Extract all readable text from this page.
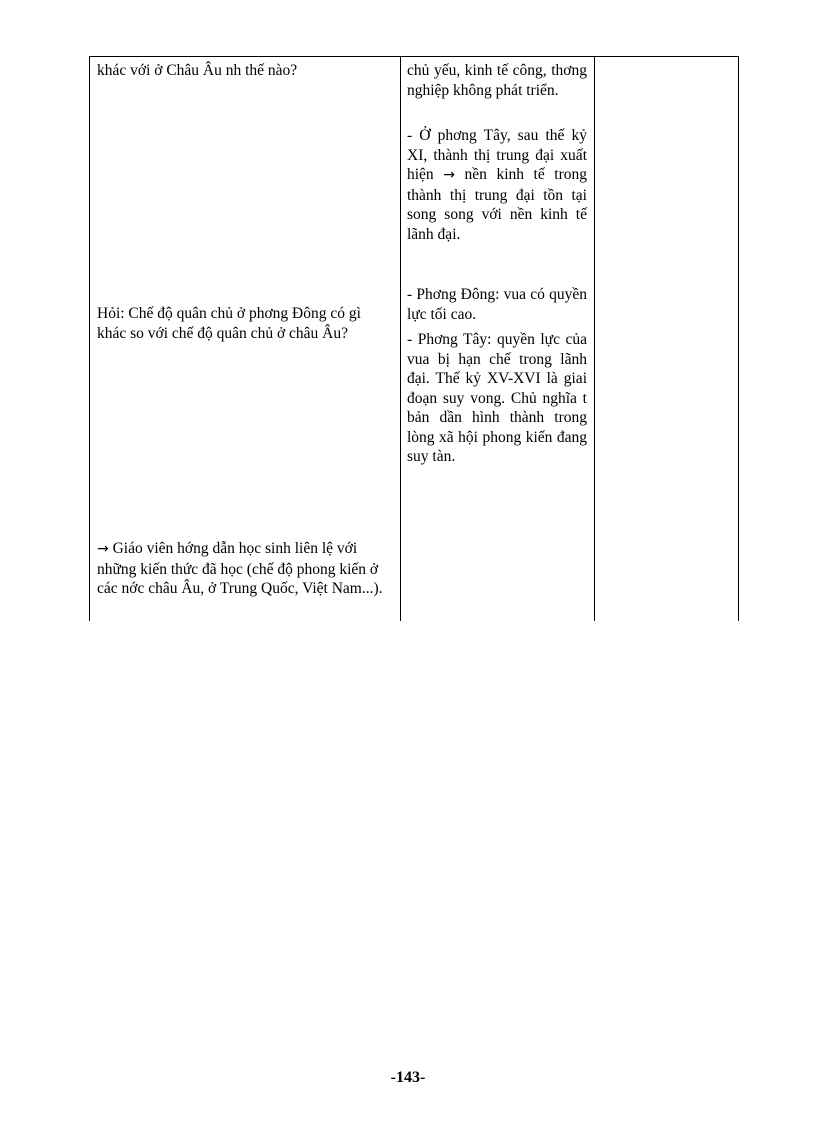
khác với ở Châu Âu nh thế nào?

Hỏi: Chế độ quân chủ ở phơng Đông có gì khác so với chế độ quân chủ ở châu Âu?

→ Giáo viên hớng dẫn học sinh liên lệ với những kiến thức đã học (chế độ phong kiến ở các nớc châu Âu, ở Trung Quốc, Việt Nam...).

chủ yếu, kinh tế công, thơng nghiệp không phát triển.

- Ở phơng Tây, sau thế kỷ XI, thành thị trung đại xuất hiện → nền kinh tế trong thành thị trung đại tồn tại song song với nền kinh tế lãnh đại.

- Phơng Đông: vua có quyền lực tối cao.

- Phơng Tây: quyền lực của vua bị hạn chế trong lãnh đại. Thế kỷ XV-XVI là giai đoạn suy vong. Chủ nghĩa t bản dần hình thành trong lòng xã hội phong kiến đang suy tàn.

-143-
